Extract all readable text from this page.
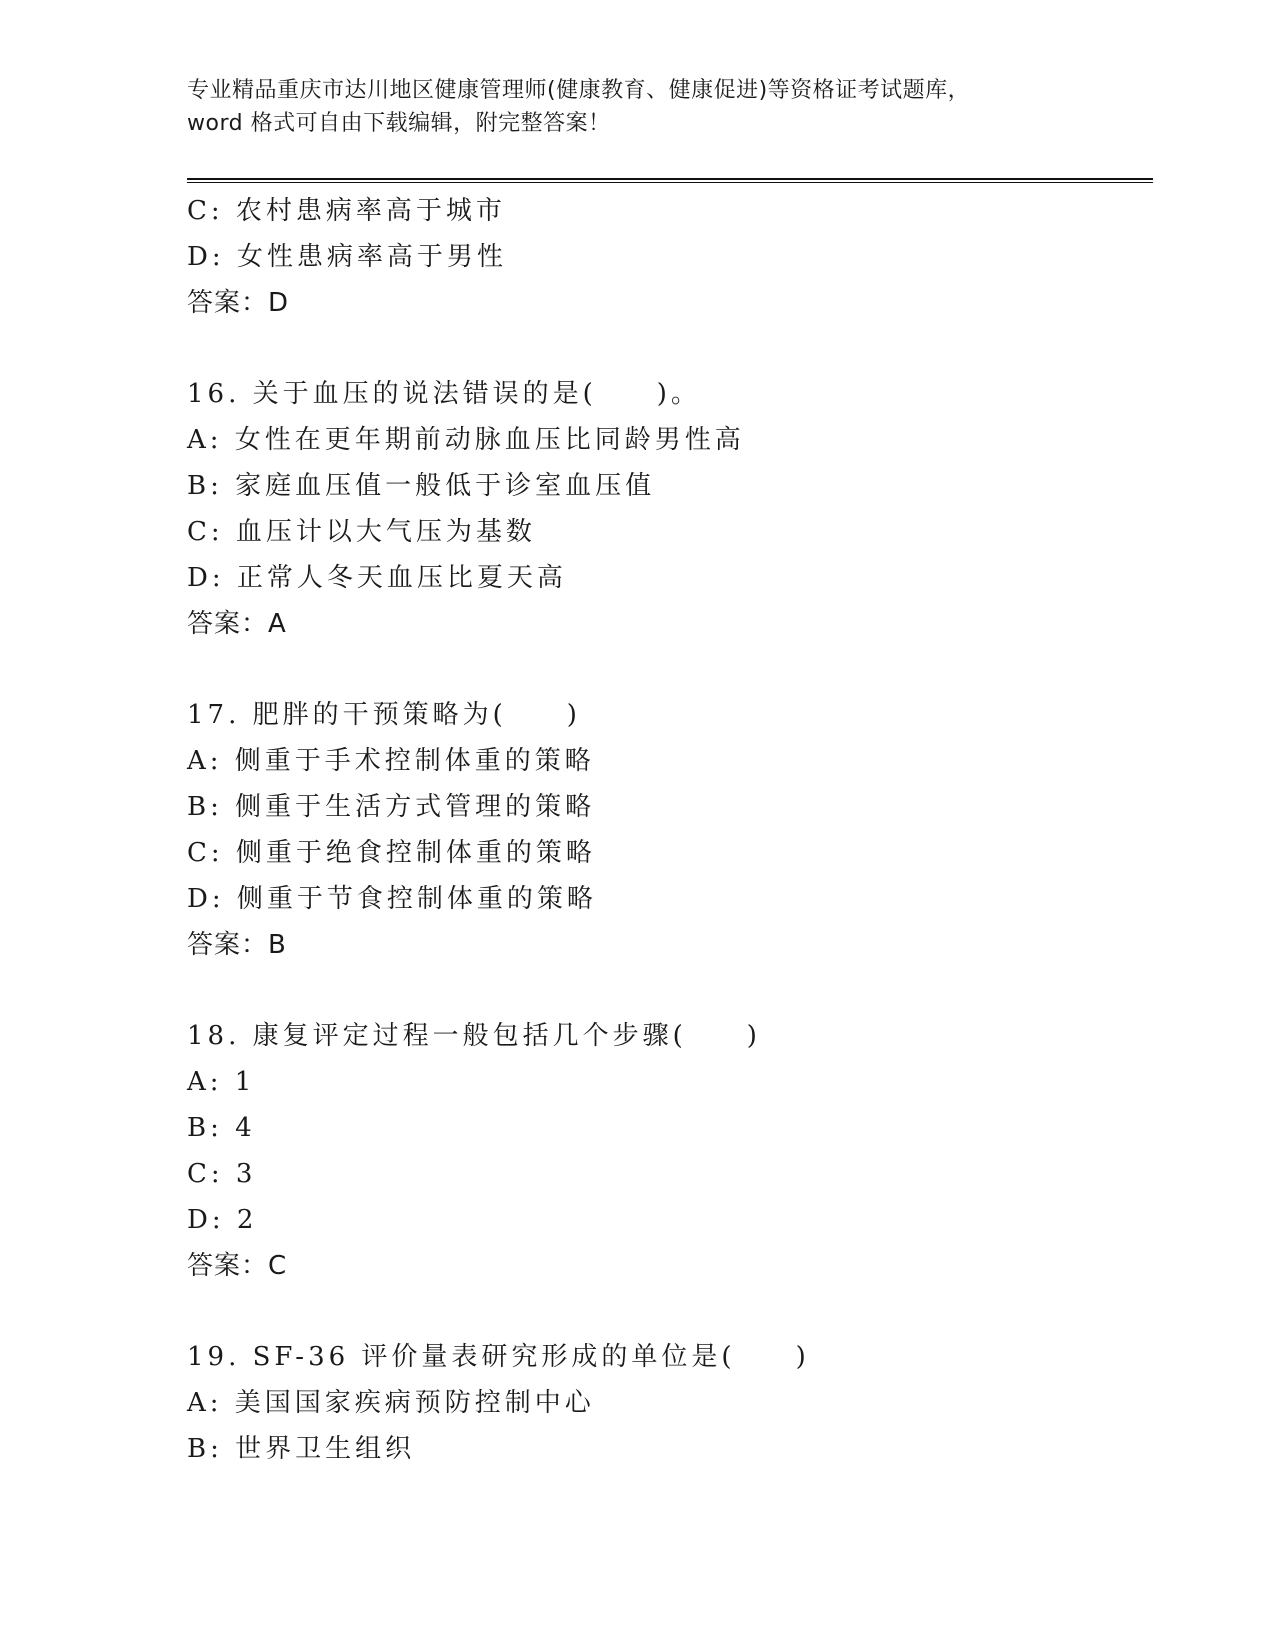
专业精品重庆市达川地区健康管理师(健康教育、健康促进)等资格证考试题库，
word 格式可自由下载编辑，附完整答案！
C: 农村患病率高于城市
D: 女性患病率高于男性
答案：D
16. 关于血压的说法错误的是(　　)。
A: 女性在更年期前动脉血压比同龄男性高
B: 家庭血压值一般低于诊室血压值
C: 血压计以大气压为基数
D: 正常人冬天血压比夏天高
答案：A
17. 肥胖的干预策略为(　　)
A: 侧重于手术控制体重的策略
B: 侧重于生活方式管理的策略
C: 侧重于绝食控制体重的策略
D: 侧重于节食控制体重的策略
答案：B
18. 康复评定过程一般包括几个步骤(　　)
A: 1
B: 4
C: 3
D: 2
答案：C
19. SF-36 评价量表研究形成的单位是(　　)
A: 美国国家疾病预防控制中心
B: 世界卫生组织
